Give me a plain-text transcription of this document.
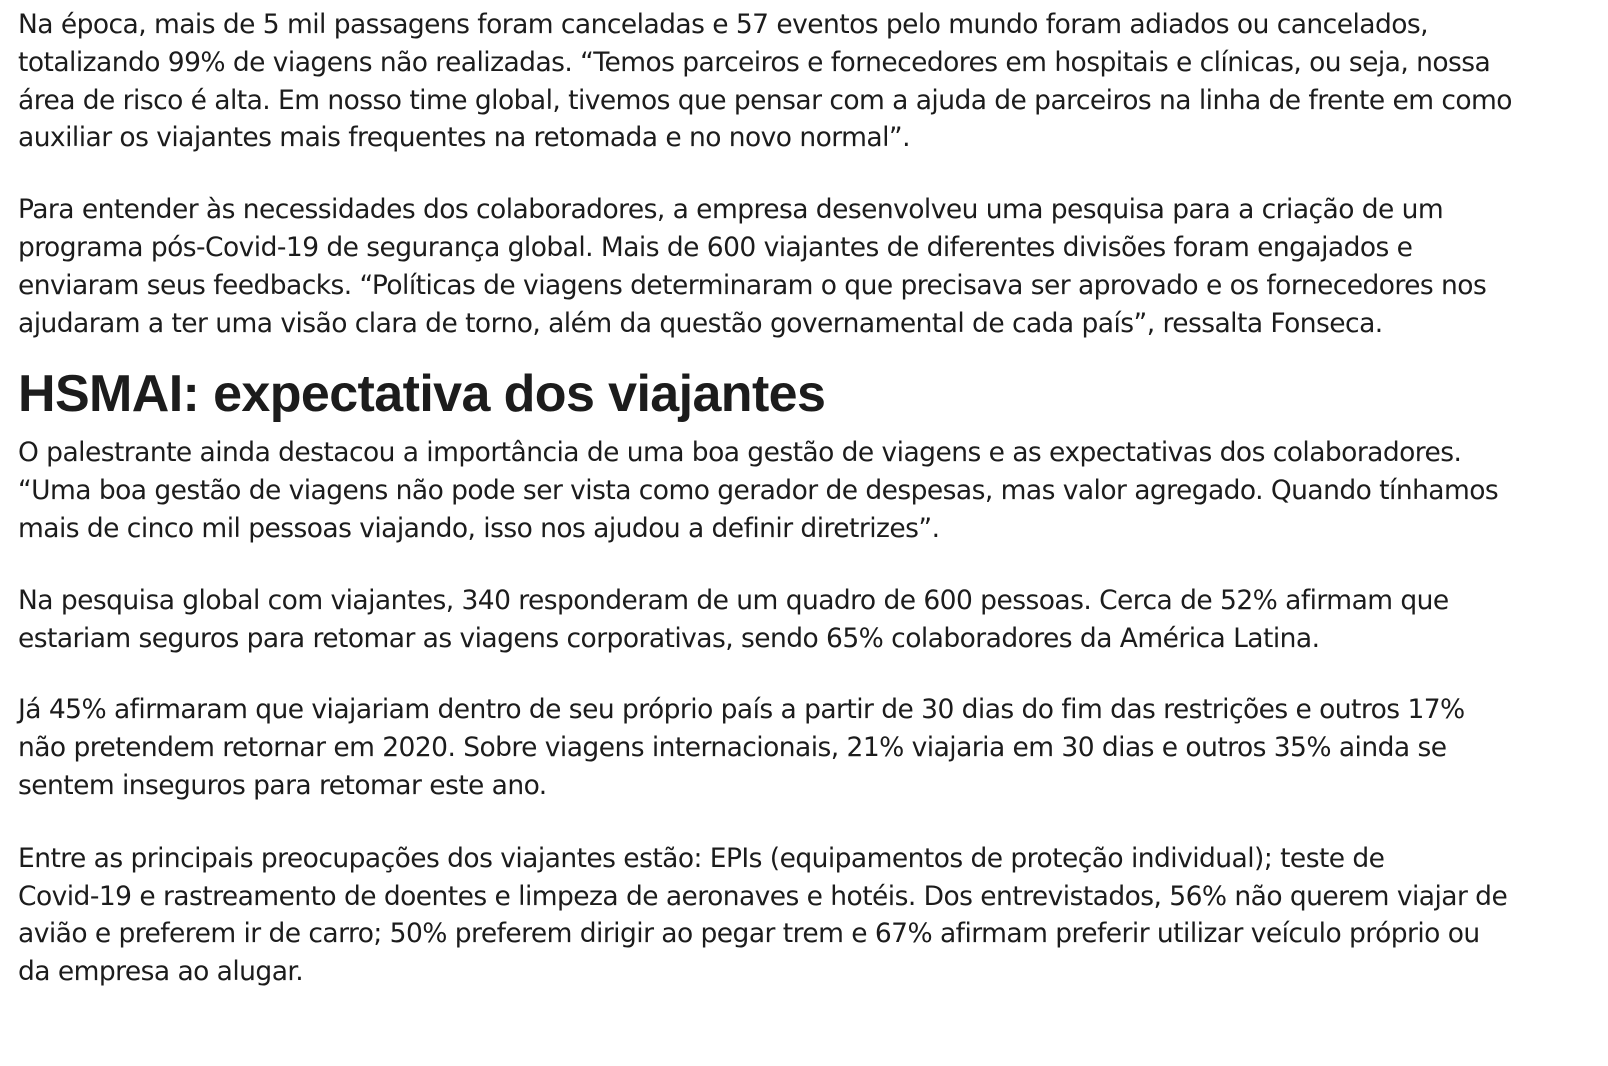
Na época, mais de 5 mil passagens foram canceladas e 57 eventos pelo mundo foram adiados ou cancelados,
totalizando 99% de viagens não realizadas. “Temos parceiros e fornecedores em hospitais e clínicas, ou seja, nossa
área de risco é alta. Em nosso time global, tivemos que pensar com a ajuda de parceiros na linha de frente em como
auxiliar os viajantes mais frequentes na retomada e no novo normal”.

Para entender às necessidades dos colaboradores, a empresa desenvolveu uma pesquisa para a criação de um
programa pós-Covid-19 de segurança global. Mais de 600 viajantes de diferentes divisões foram engajados e
enviaram seus feedbacks. “Políticas de viagens determinaram o que precisava ser aprovado e os fornecedores nos
ajudaram a ter uma visão clara de torno, além da questão governamental de cada país”, ressalta Fonseca.

HSMAI: expectativa dos viajantes

O palestrante ainda destacou a importância de uma boa gestão de viagens e as expectativas dos colaboradores.
“Uma boa gestão de viagens não pode ser vista como gerador de despesas, mas valor agregado. Quando tínhamos
mais de cinco mil pessoas viajando, isso nos ajudou a definir diretrizes”.

Na pesquisa global com viajantes, 340 responderam de um quadro de 600 pessoas. Cerca de 52% afirmam que
estariam seguros para retomar as viagens corporativas, sendo 65% colaboradores da América Latina.

Já 45% afirmaram que viajariam dentro de seu próprio país a partir de 30 dias do fim das restrições e outros 17%
não pretendem retornar em 2020. Sobre viagens internacionais, 21% viajaria em 30 dias e outros 35% ainda se
sentem inseguros para retomar este ano.

Entre as principais preocupações dos viajantes estão: EPIs (equipamentos de proteção individual); teste de
Covid-19 e rastreamento de doentes e limpeza de aeronaves e hotéis. Dos entrevistados, 56% não querem viajar de
avião e preferem ir de carro; 50% preferem dirigir ao pegar trem e 67% afirmam preferir utilizar veículo próprio ou
da empresa ao alugar.
